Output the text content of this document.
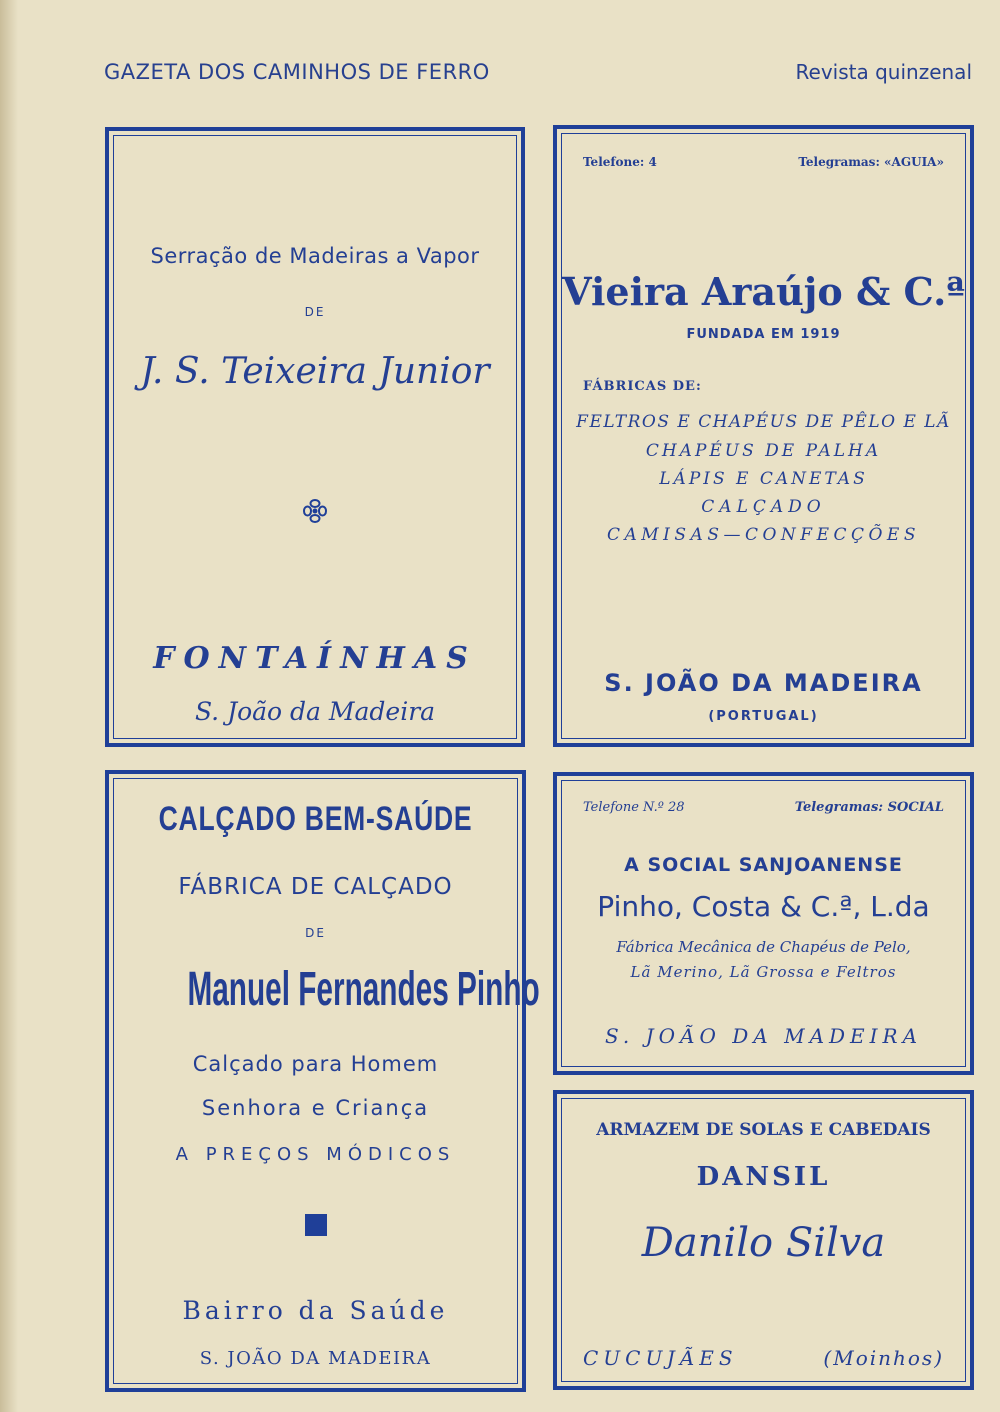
GAZETA DOS CAMINHOS DE FERRO	Revista quinzenal
Serração de Madeiras a Vapor
DE
J. S. Teixeira Junior
FONTAÍNHAS
S. João da Madeira
Telefone: 4	Telegramas: «AGUIA»
Vieira Araújo & C.ª
FUNDADA EM 1919
FÁBRICAS DE:
FELTROS E CHAPÉUS DE PÊLO E LÃ
CHAPÉUS DE PALHA
LÁPIS E CANETAS
CALÇADO
CAMISAS—CONFECÇÕES
S. JOÃO DA MADEIRA
(PORTUGAL)
CALÇADO BEM-SAÚDE
FÁBRICA DE CALÇADO
DE
Manuel Fernandes Pinho
Calçado para Homem
Senhora e Criança
A PREÇOS MÓDICOS
Bairro da Saúde
S. JOÃO DA MADEIRA
Telefone N.º 28	Telegramas: SOCIAL
A SOCIAL SANJOANENSE
Pinho, Costa & C.ª, L.da
Fábrica Mecânica de Chapéus de Pelo,
Lã Merino, Lã Grossa e Feltros
S. JOÃO DA MADEIRA
ARMAZEM DE SOLAS E CABEDAIS
DANSIL
Danilo Silva
CUCUJÃES	(Moinhos)
